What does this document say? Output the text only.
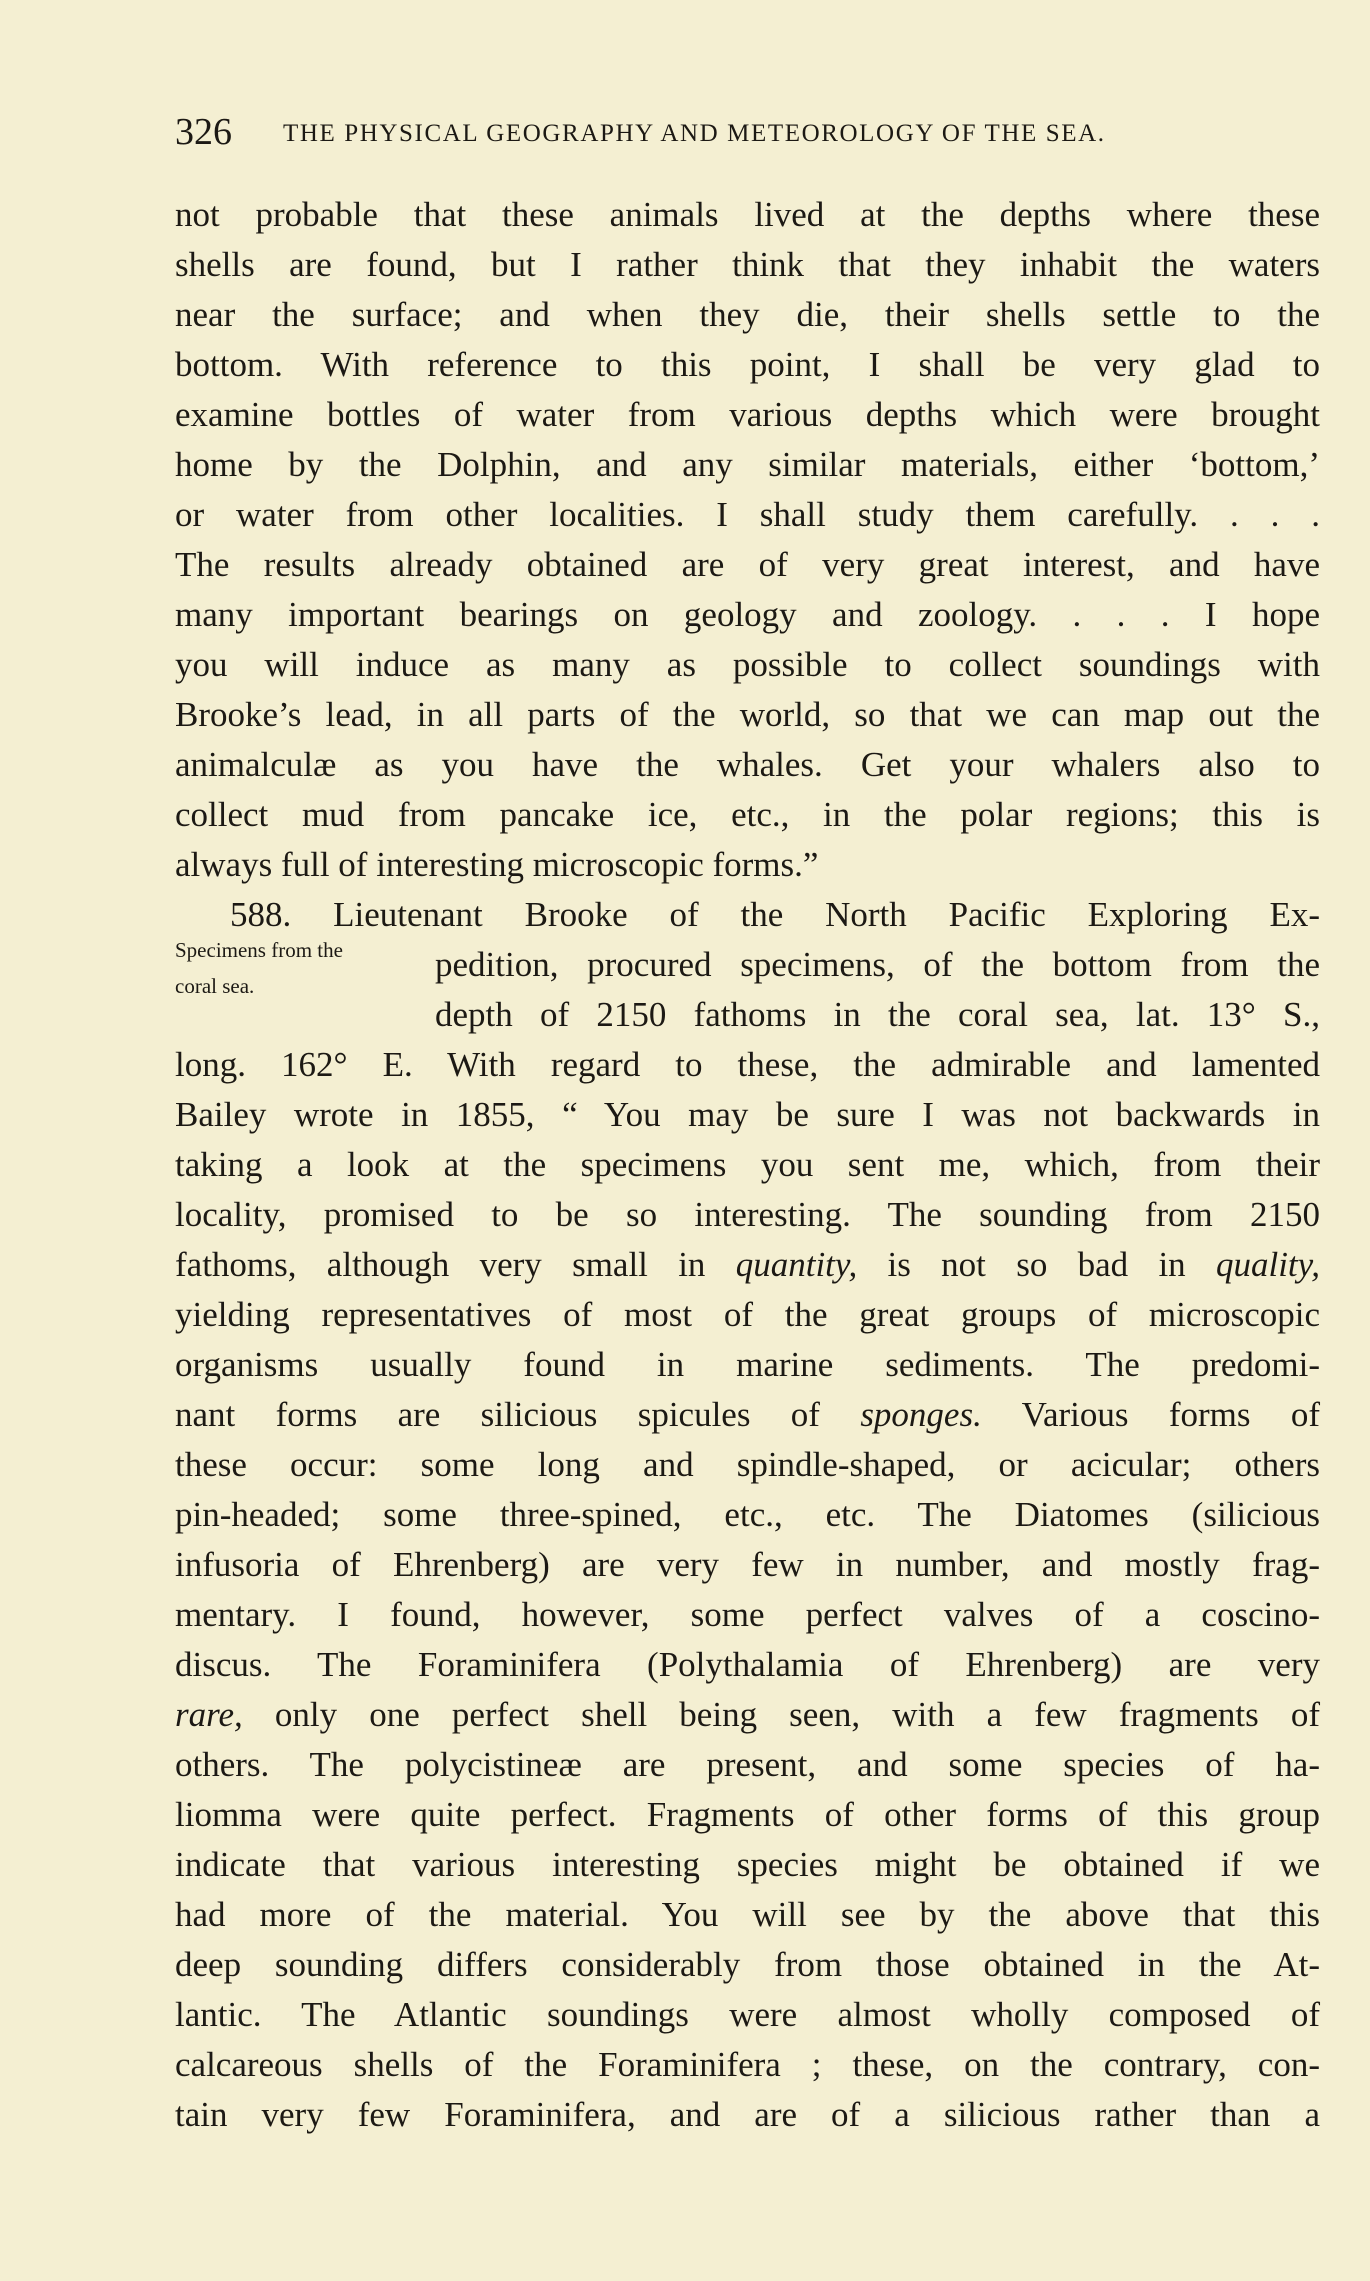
326 THE PHYSICAL GEOGRAPHY AND METEOROLOGY OF THE SEA.
not probable that these animals lived at the depths where these
shells are found, but I rather think that they inhabit the waters
near the surface; and when they die, their shells settle to the
bottom. With reference to this point, I shall be very glad to
examine bottles of water from various depths which were brought
home by the Dolphin, and any similar materials, either ‘bottom,’
or water from other localities. I shall study them carefully. . . .
The results already obtained are of very great interest, and have
many important bearings on geology and zoology. . . . I hope
you will induce as many as possible to collect soundings with
Brooke’s lead, in all parts of the world, so that we can map out the
animalculæ as you have the whales. Get your whalers also to
collect mud from pancake ice, etc., in the polar regions; this is
always full of interesting microscopic forms.”
588. Lieutenant Brooke of the North Pacific Exploring Ex-
Specimens from the
coral sea.
pedition, procured specimens, of the bottom from the
depth of 2150 fathoms in the coral sea, lat. 13° S.,
long. 162° E. With regard to these, the admirable and lamented
Bailey wrote in 1855, “ You may be sure I was not backwards in
taking a look at the specimens you sent me, which, from their
locality, promised to be so interesting. The sounding from 2150
fathoms, although very small in quantity, is not so bad in quality,
yielding representatives of most of the great groups of microscopic
organisms usually found in marine sediments. The predomi-
nant forms are silicious spicules of sponges. Various forms of
these occur: some long and spindle-shaped, or acicular; others
pin-headed; some three-spined, etc., etc. The Diatomes (silicious
infusoria of Ehrenberg) are very few in number, and mostly frag-
mentary. I found, however, some perfect valves of a coscino-
discus. The Foraminifera (Polythalamia of Ehrenberg) are very
rare, only one perfect shell being seen, with a few fragments of
others. The polycistineæ are present, and some species of ha-
liomma were quite perfect. Fragments of other forms of this group
indicate that various interesting species might be obtained if we
had more of the material. You will see by the above that this
deep sounding differs considerably from those obtained in the At-
lantic. The Atlantic soundings were almost wholly composed of
calcareous shells of the Foraminifera ; these, on the contrary, con-
tain very few Foraminifera, and are of a silicious rather than a
